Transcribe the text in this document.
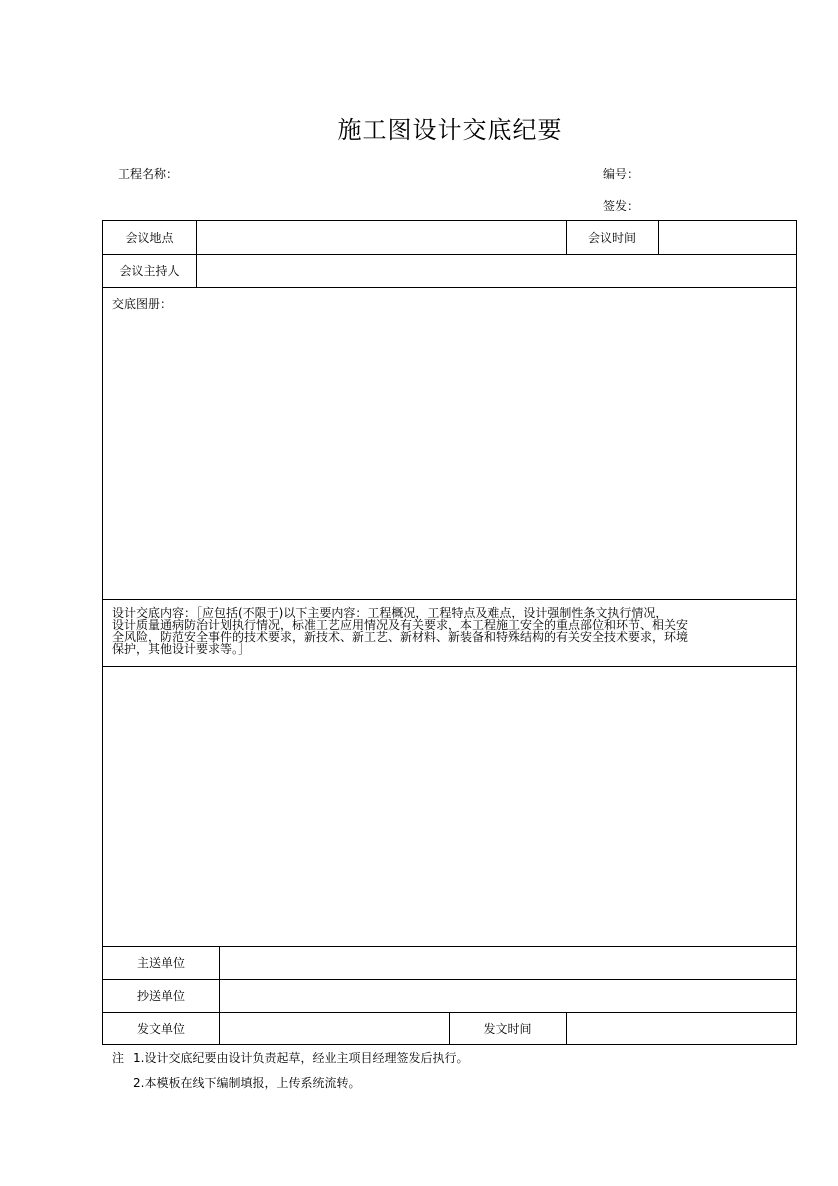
施工图设计交底纪要
工程名称：	编号：
签发：
会议地点	会议时间
会议主持人
交底图册：
设计交底内容：［应包括(不限于)以下主要内容：工程概况，工程特点及难点，设计强制性条文执行情况，
设计质量通病防治计划执行情况，标准工艺应用情况及有关要求，本工程施工安全的重点部位和环节、相关安
全风险，防范安全事件的技术要求，新技术、新工艺、新材料、新装备和特殊结构的有关安全技术要求，环境
保护，其他设计要求等。］
主送单位
抄送单位
发文单位	发文时间
注 1.设计交底纪要由设计负责起草，经业主项目经理签发后执行。
2.本模板在线下编制填报，上传系统流转。
